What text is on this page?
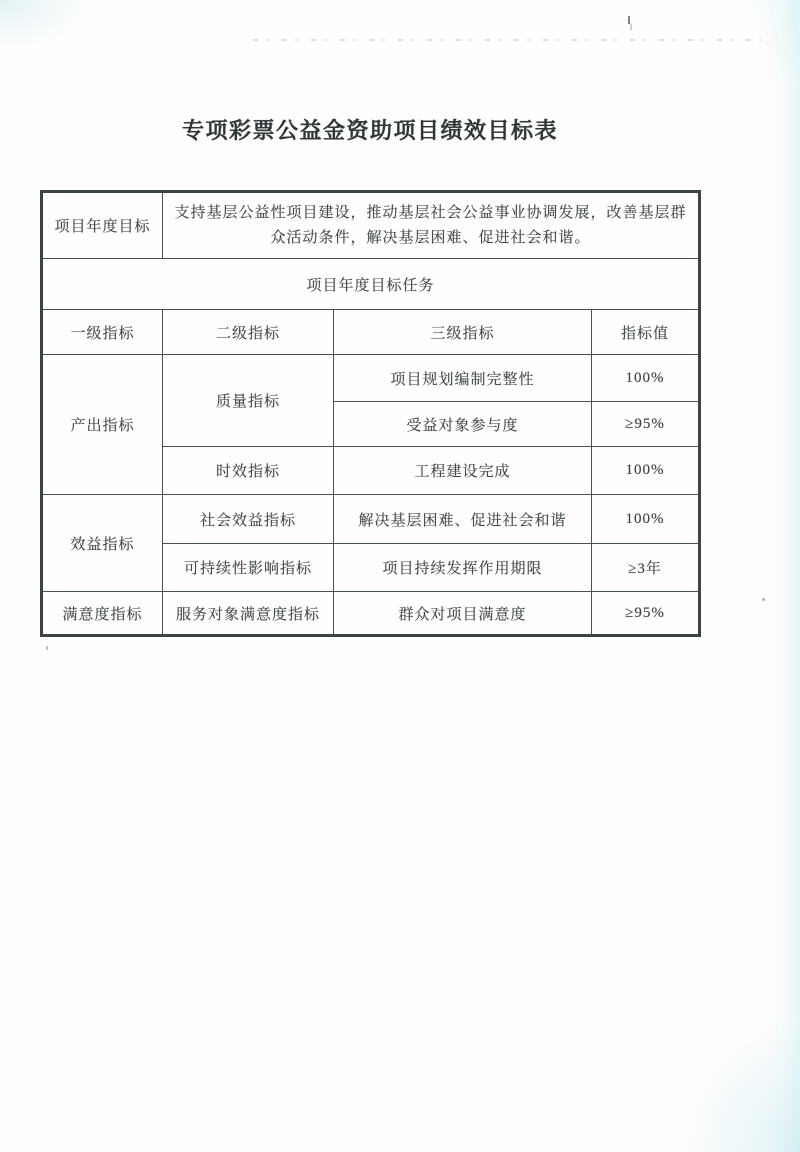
专项彩票公益金资助项目绩效目标表
项目年度目标	支持基层公益性项目建设，推动基层社会公益事业协调发展，改善基层群众活动条件，解决基层困难、促进社会和谐。		
项目年度目标任务			
一级指标	二级指标	三级指标	指标值
产出指标	质量指标	项目规划编制完整性	100%
		受益对象参与度	≥95%
	时效指标	工程建设完成	100%
效益指标	社会效益指标	解决基层困难、促进社会和谐	100%
	可持续性影响指标	项目持续发挥作用期限	≥3年
满意度指标	服务对象满意度指标	群众对项目满意度	≥95%
